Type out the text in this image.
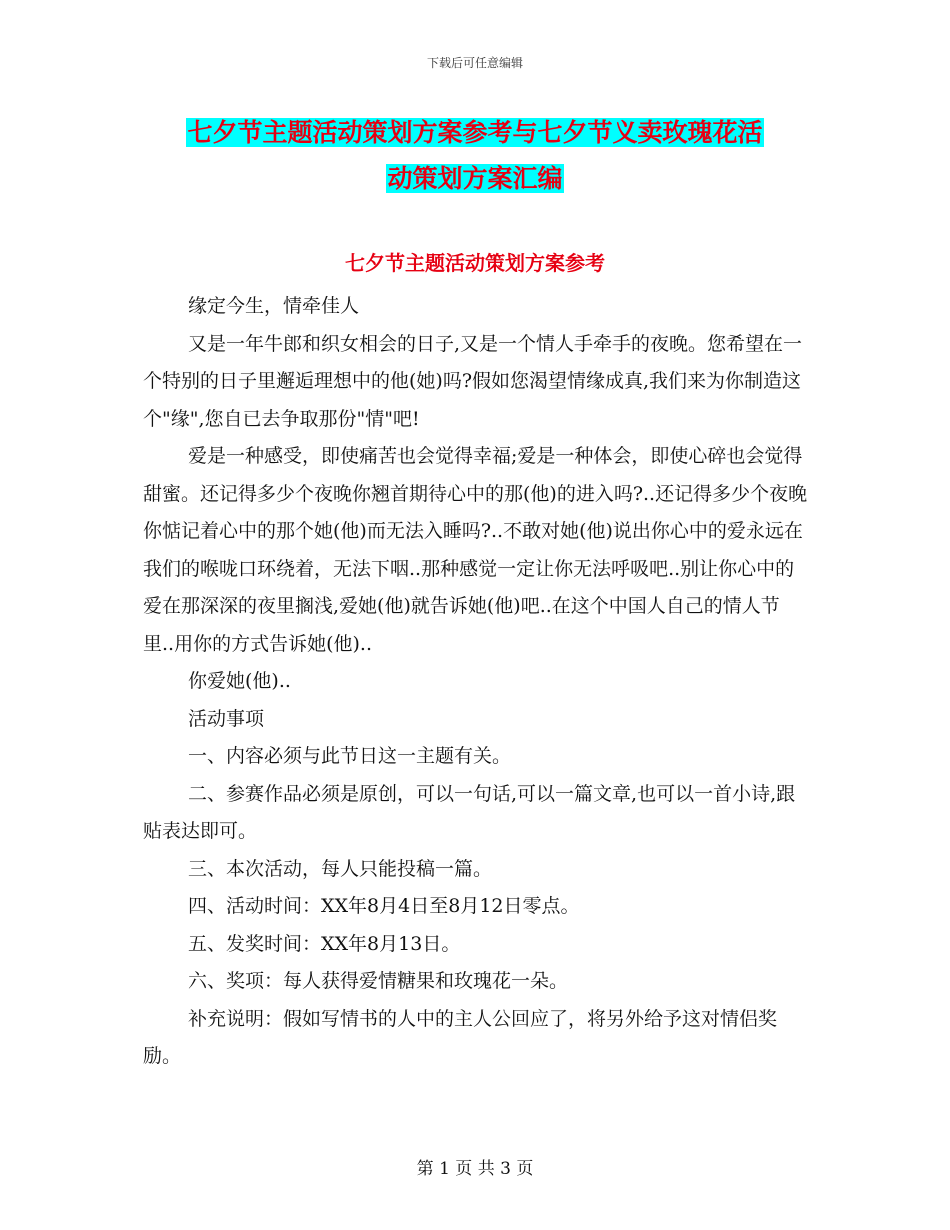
下载后可任意编辑
七夕节主题活动策划方案参考与七夕节义卖玫瑰花活
动策划方案汇编
七夕节主题活动策划方案参考

缘定今生，情牵佳人

又是一年牛郎和织女相会的日子,又是一个情人手牵手的夜晚。您希望在一个特别的日子里邂逅理想中的他(她)吗?假如您渴望情缘成真,我们来为你制造这个"缘",您自已去争取那份"情"吧!

爱是一种感受，即使痛苦也会觉得幸福;爱是一种体会，即使心碎也会觉得甜蜜。还记得多少个夜晚你翘首期待心中的那(他)的进入吗?..还记得多少个夜晚你惦记着心中的那个她(他)而无法入睡吗?..不敢对她(他)说出你心中的爱永远在我们的喉咙口环绕着，无法下咽..那种感觉一定让你无法呼吸吧..别让你心中的爱在那深深的夜里搁浅,爱她(他)就告诉她(他)吧..在这个中国人自己的情人节里..用你的方式告诉她(他)..

你爱她(他)..

活动事项

一、内容必须与此节日这一主题有关。

二、参赛作品必须是原创，可以一句话,可以一篇文章,也可以一首小诗,跟贴表达即可。

三、本次活动，每人只能投稿一篇。

四、活动时间：XX年8月4日至8月12日零点。

五、发奖时间：XX年8月13日。

六、奖项：每人获得爱情糖果和玫瑰花一朵。

补充说明：假如写情书的人中的主人公回应了，将另外给予这对情侣奖励。

第 1 页 共 3 页
